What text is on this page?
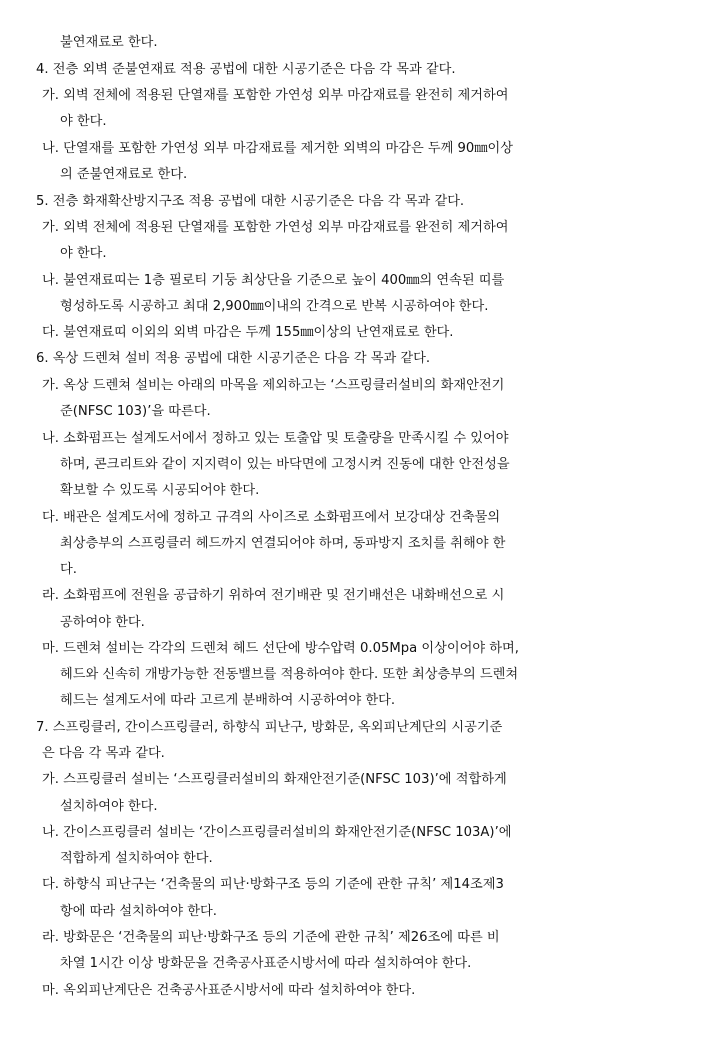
불연재료로 한다.
4. 전층 외벽 준불연재료 적용 공법에 대한 시공기준은 다음 각 목과 같다.
가. 외벽 전체에 적용된 단열재를 포함한 가연성 외부 마감재료를 완전히 제거하여
야 한다.
나. 단열재를 포함한 가연성 외부 마감재료를 제거한 외벽의 마감은 두께 90㎜이상
의 준불연재료로 한다.
5. 전층 화재확산방지구조 적용 공법에 대한 시공기준은 다음 각 목과 같다.
가. 외벽 전체에 적용된 단열재를 포함한 가연성 외부 마감재료를 완전히 제거하여
야 한다.
나. 불연재료띠는 1층 필로티 기둥 최상단을 기준으로 높이 400㎜의 연속된 띠를
형성하도록 시공하고 최대 2,900㎜이내의 간격으로 반복 시공하여야 한다.
다. 불연재료띠 이외의 외벽 마감은 두께 155㎜이상의 난연재료로 한다.
6. 옥상 드렌쳐 설비 적용 공법에 대한 시공기준은 다음 각 목과 같다.
가. 옥상 드렌쳐 설비는 아래의 마목을 제외하고는 ‘스프링클러설비의 화재안전기
준(NFSC 103)’을 따른다.
나. 소화펌프는 설계도서에서 정하고 있는 토출압 및 토출량을 만족시킬 수 있어야
하며, 콘크리트와 같이 지지력이 있는 바닥면에 고정시켜 진동에 대한 안전성을
확보할 수 있도록 시공되어야 한다.
다. 배관은 설계도서에 정하고 규격의 사이즈로 소화펌프에서 보강대상 건축물의
최상층부의 스프링클러 헤드까지 연결되어야 하며, 동파방지 조치를 취해야 한
다.
라. 소화펌프에 전원을 공급하기 위하여 전기배관 및 전기배선은 내화배선으로 시
공하여야 한다.
마. 드렌쳐 설비는 각각의 드렌쳐 헤드 선단에 방수압력 0.05Mpa 이상이어야 하며,
헤드와 신속히 개방가능한 전동밸브를 적용하여야 한다. 또한 최상층부의 드렌쳐
헤드는 설계도서에 따라 고르게 분배하여 시공하여야 한다.
7. 스프링클러, 간이스프링클러, 하향식 피난구, 방화문, 옥외피난계단의 시공기준
은 다음 각 목과 같다.
가. 스프링클러 설비는 ‘스프링클러설비의 화재안전기준(NFSC 103)’에 적합하게
설치하여야 한다.
나. 간이스프링클러 설비는 ‘간이스프링클러설비의 화재안전기준(NFSC 103A)’에
적합하게 설치하여야 한다.
다. 하향식 피난구는 ‘건축물의 피난·방화구조 등의 기준에 관한 규칙’ 제14조제3
항에 따라 설치하여야 한다.
라. 방화문은 ‘건축물의 피난·방화구조 등의 기준에 관한 규칙’ 제26조에 따른 비
차열 1시간 이상 방화문을 건축공사표준시방서에 따라 설치하여야 한다.
마. 옥외피난계단은 건축공사표준시방서에 따라 설치하여야 한다.
